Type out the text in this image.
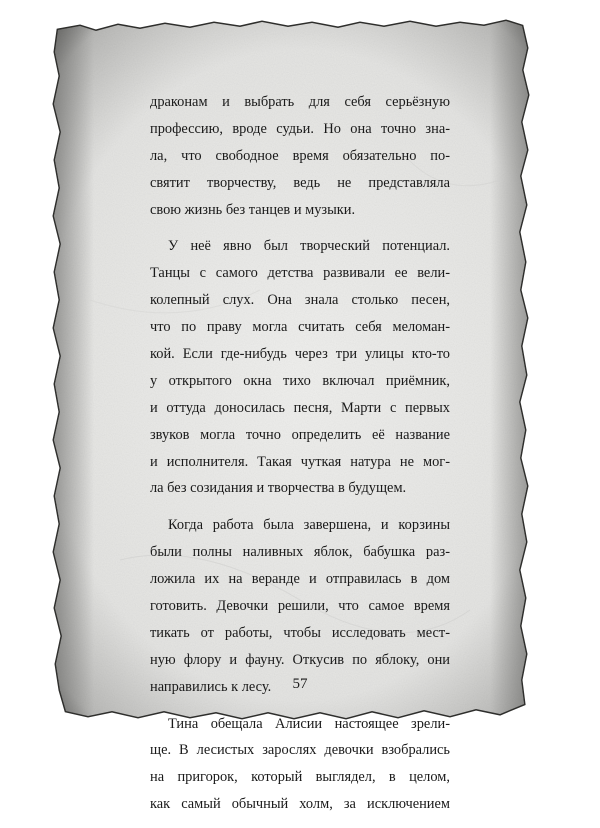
драконам и выбрать для себя серьёзную
профессию, вроде судьи. Но она точно зна-
ла, что свободное время обязательно по-
святит творчеству, ведь не представляла
свою жизнь без танцев и музыки.
У неё явно был творческий потенциал.
Танцы с самого детства развивали ее вели-
колепный слух. Она знала столько песен,
что по праву могла считать себя меломан-
кой. Если где-нибудь через три улицы кто-то
у открытого окна тихо включал приёмник,
и оттуда доносилась песня, Марти с первых
звуков могла точно определить её название
и исполнителя. Такая чуткая натура не мог-
ла без созидания и творчества в будущем.
Когда работа была завершена, и корзины
были полны наливных яблок, бабушка раз-
ложила их на веранде и отправилась в дом
готовить. Девочки решили, что самое время
тикать от работы, чтобы исследовать мест-
ную флору и фауну. Откусив по яблоку, они
направились к лесу.
Тина обещала Алисии настоящее зрели-
ще. В лесистых зарослях девочки взобрались
на пригорок, который выглядел, в целом,
как самый обычный холм, за исключением
57
